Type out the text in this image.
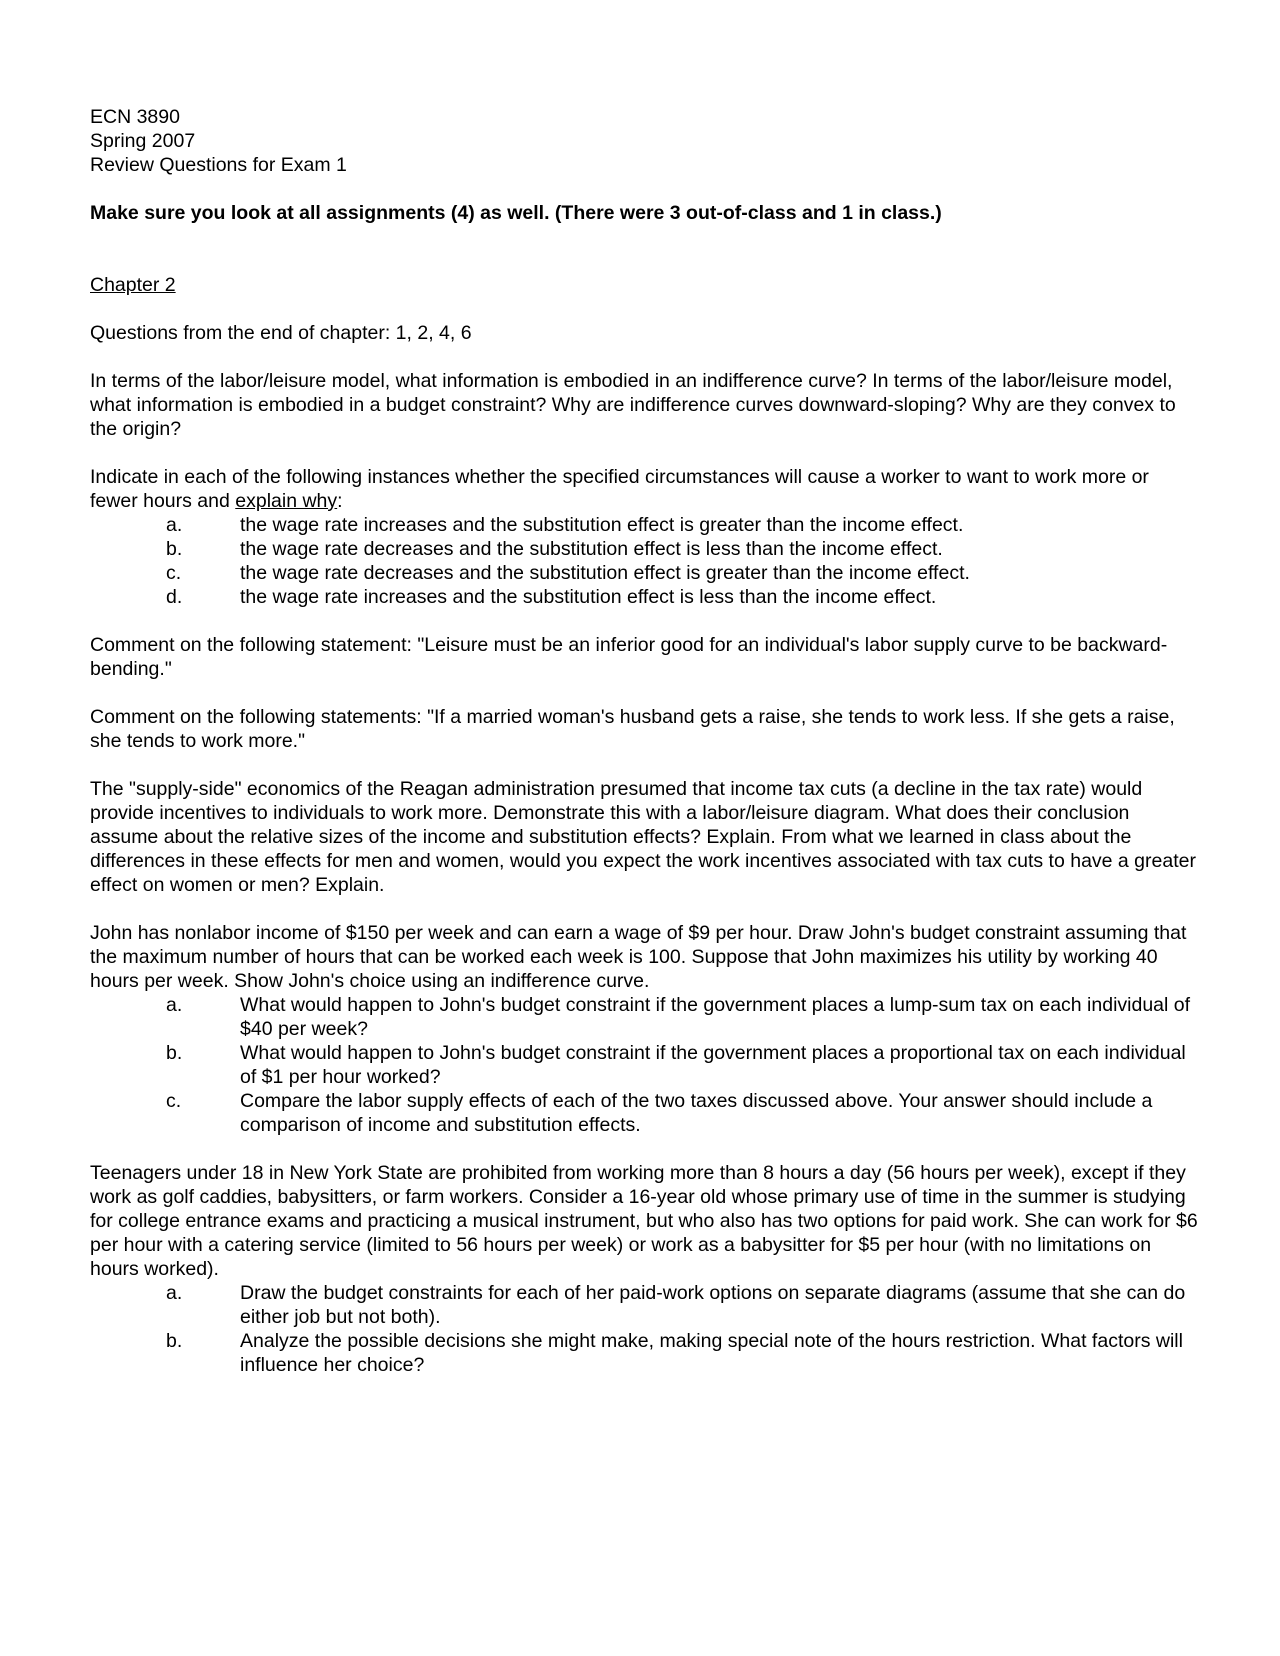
ECN 3890
Spring 2007
Review Questions for Exam 1
Make sure you look at all assignments (4) as well. (There were 3 out-of-class and 1 in class.)
Chapter 2
Questions from the end of chapter: 1, 2, 4, 6
In terms of the labor/leisure model, what information is embodied in an indifference curve? In terms of the labor/leisure model, what information is embodied in a budget constraint? Why are indifference curves downward-sloping? Why are they convex to the origin?
Indicate in each of the following instances whether the specified circumstances will cause a worker to want to work more or fewer hours and explain why:
a.	the wage rate increases and the substitution effect is greater than the income effect.
b.	the wage rate decreases and the substitution effect is less than the income effect.
c.	the wage rate decreases and the substitution effect is greater than the income effect.
d.	the wage rate increases and the substitution effect is less than the income effect.
Comment on the following statement: "Leisure must be an inferior good for an individual's labor supply curve to be backward-bending."
Comment on the following statements: "If a married woman's husband gets a raise, she tends to work less. If she gets a raise, she tends to work more."
The "supply-side" economics of the Reagan administration presumed that income tax cuts (a decline in the tax rate) would provide incentives to individuals to work more. Demonstrate this with a labor/leisure diagram. What does their conclusion assume about the relative sizes of the income and substitution effects? Explain. From what we learned in class about the differences in these effects for men and women, would you expect the work incentives associated with tax cuts to have a greater effect on women or men? Explain.
John has nonlabor income of $150 per week and can earn a wage of $9 per hour. Draw John's budget constraint assuming that the maximum number of hours that can be worked each week is 100. Suppose that John maximizes his utility by working 40 hours per week. Show John's choice using an indifference curve.
a.	What would happen to John's budget constraint if the government places a lump-sum tax on each individual of $40 per week?
b.	What would happen to John's budget constraint if the government places a proportional tax on each individual of $1 per hour worked?
c.	Compare the labor supply effects of each of the two taxes discussed above. Your answer should include a comparison of income and substitution effects.
Teenagers under 18 in New York State are prohibited from working more than 8 hours a day (56 hours per week), except if they work as golf caddies, babysitters, or farm workers. Consider a 16-year old whose primary use of time in the summer is studying for college entrance exams and practicing a musical instrument, but who also has two options for paid work. She can work for $6 per hour with a catering service (limited to 56 hours per week) or work as a babysitter for $5 per hour (with no limitations on hours worked).
a.	Draw the budget constraints for each of her paid-work options on separate diagrams (assume that she can do either job but not both).
b.	Analyze the possible decisions she might make, making special note of the hours restriction. What factors will influence her choice?
